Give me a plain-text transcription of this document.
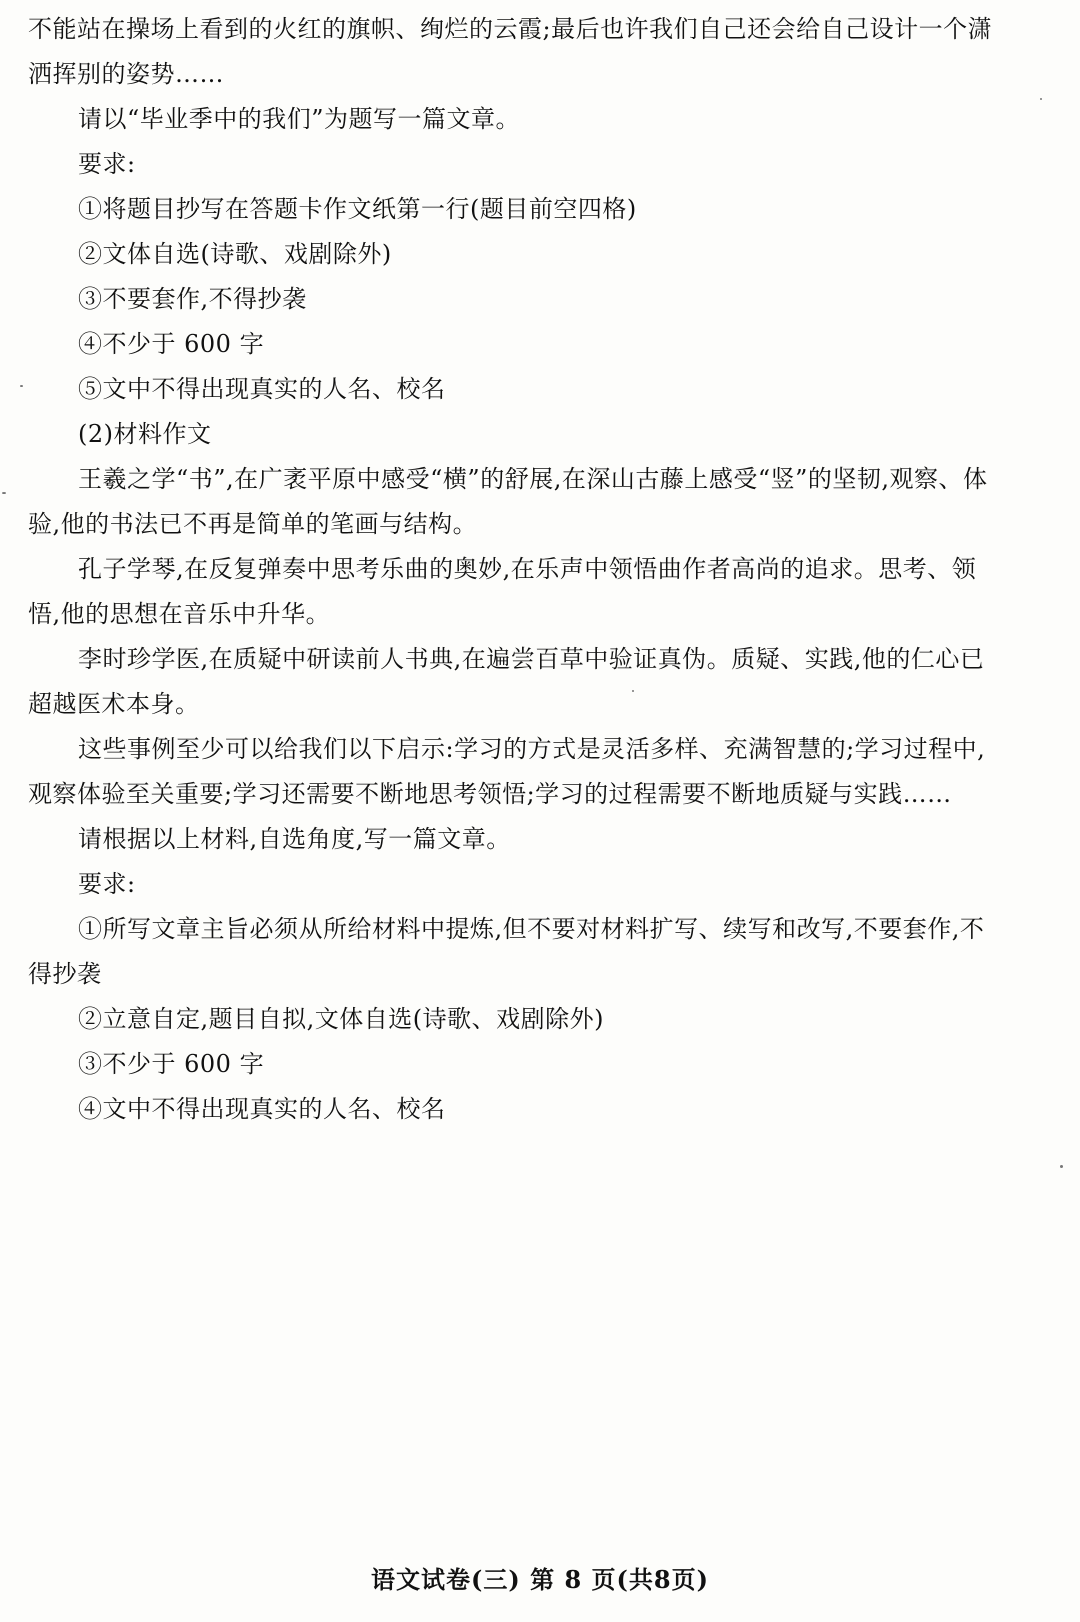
不能站在操场上看到的火红的旗帜、绚烂的云霞;最后也许我们自己还会给自己设计一个潇
洒挥别的姿势……
请以“毕业季中的我们”为题写一篇文章。
要求:
①将题目抄写在答题卡作文纸第一行(题目前空四格)
②文体自选(诗歌、戏剧除外)
③不要套作,不得抄袭
④不少于 600 字
⑤文中不得出现真实的人名、校名
(2)材料作文
王羲之学“书”,在广袤平原中感受“横”的舒展,在深山古藤上感受“竖”的坚韧,观察、体
验,他的书法已不再是简单的笔画与结构。
孔子学琴,在反复弹奏中思考乐曲的奥妙,在乐声中领悟曲作者高尚的追求。思考、领
悟,他的思想在音乐中升华。
李时珍学医,在质疑中研读前人书典,在遍尝百草中验证真伪。质疑、实践,他的仁心已
超越医术本身。
这些事例至少可以给我们以下启示:学习的方式是灵活多样、充满智慧的;学习过程中,
观察体验至关重要;学习还需要不断地思考领悟;学习的过程需要不断地质疑与实践……
请根据以上材料,自选角度,写一篇文章。
要求:
①所写文章主旨必须从所给材料中提炼,但不要对材料扩写、续写和改写,不要套作,不
得抄袭
②立意自定,题目自拟,文体自选(诗歌、戏剧除外)
③不少于 600 字
④文中不得出现真实的人名、校名
语文试卷(三) 第 8 页(共8页)
